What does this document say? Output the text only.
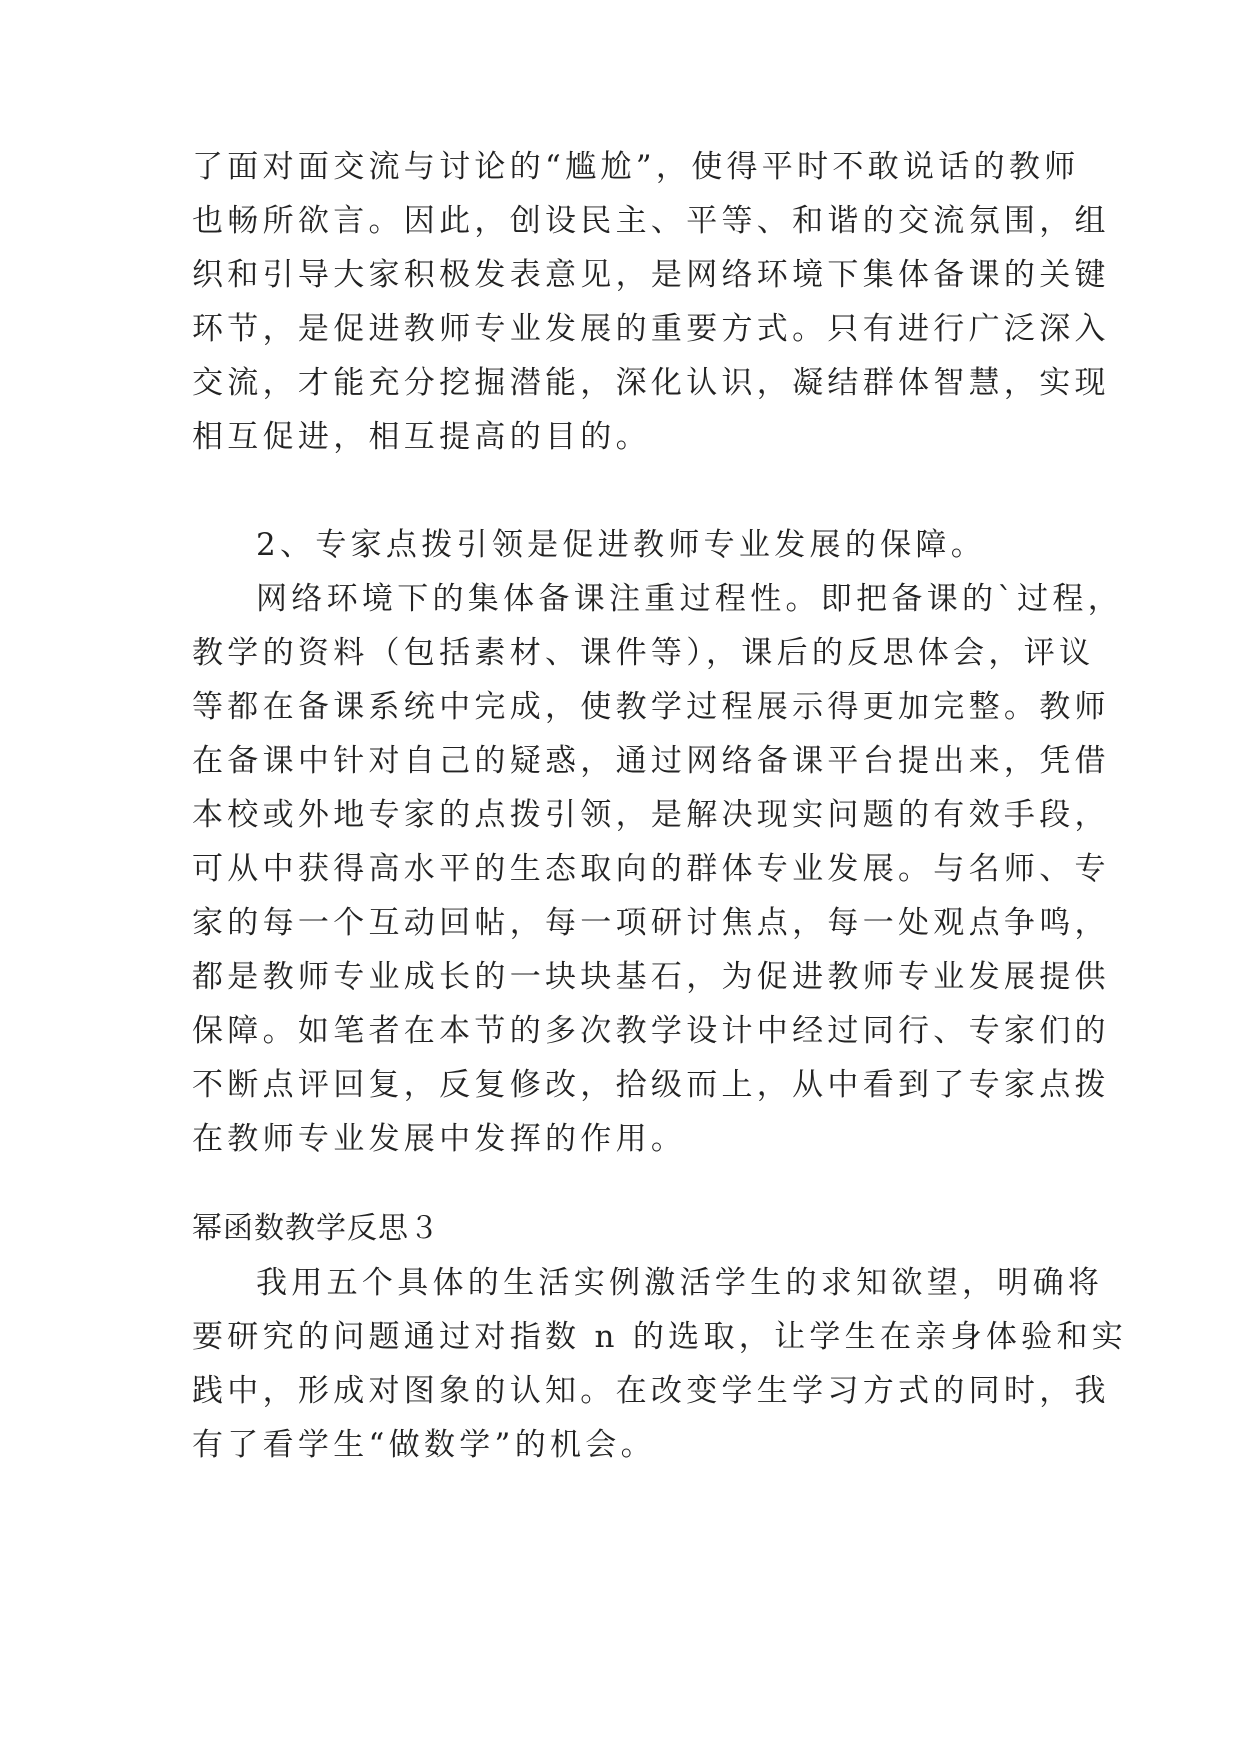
了面对面交流与讨论的“尴尬”，使得平时不敢说话的教师
也畅所欲言。因此，创设民主、平等、和谐的交流氛围，组
织和引导大家积极发表意见，是网络环境下集体备课的关键
环节，是促进教师专业发展的重要方式。只有进行广泛深入
交流，才能充分挖掘潜能，深化认识，凝结群体智慧，实现
相互促进，相互提高的目的。
2、专家点拨引领是促进教师专业发展的保障。
网络环境下的集体备课注重过程性。即把备课的`过程，
教学的资料（包括素材、课件等），课后的反思体会，评议
等都在备课系统中完成，使教学过程展示得更加完整。教师
在备课中针对自己的疑惑，通过网络备课平台提出来，凭借
本校或外地专家的点拨引领，是解决现实问题的有效手段，
可从中获得高水平的生态取向的群体专业发展。与名师、专
家的每一个互动回帖，每一项研讨焦点，每一处观点争鸣，
都是教师专业成长的一块块基石，为促进教师专业发展提供
保障。如笔者在本节的多次教学设计中经过同行、专家们的
不断点评回复，反复修改，拾级而上，从中看到了专家点拨
在教师专业发展中发挥的作用。
幂函数教学反思３
我用五个具体的生活实例激活学生的求知欲望，明确将
要研究的问题通过对指数 n 的选取，让学生在亲身体验和实
践中，形成对图象的认知。在改变学生学习方式的同时，我
有了看学生“做数学”的机会。
